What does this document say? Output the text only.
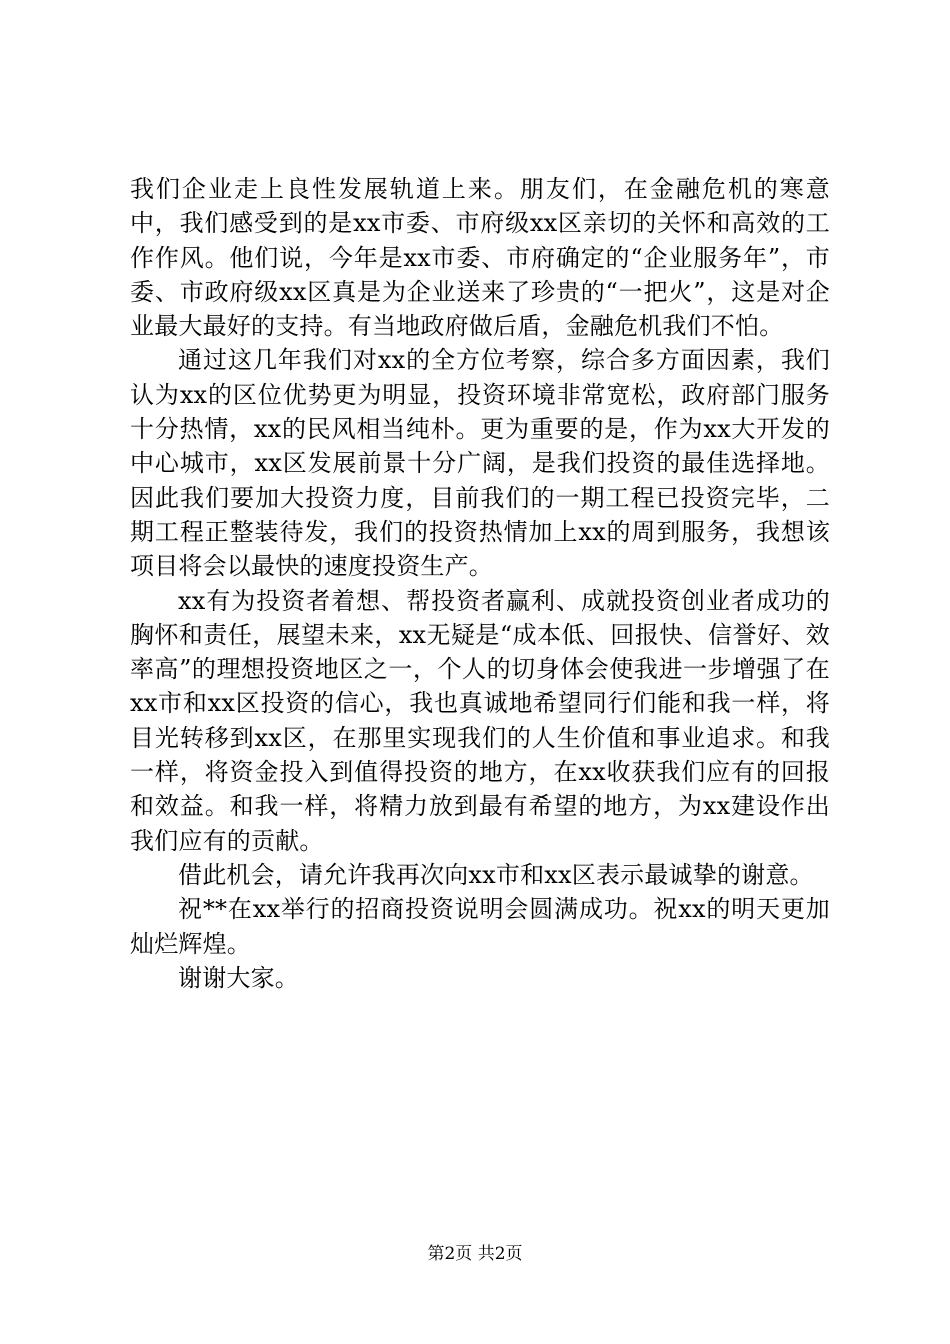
我们企业走上良性发展轨道上来。朋友们，在金融危机的寒意中，我们感受到的是xx市委、市府级xx区亲切的关怀和高效的工作作风。他们说，今年是xx市委、市府确定的“企业服务年”，市委、市政府级xx区真是为企业送来了珍贵的“一把火”，这是对企业最大最好的支持。有当地政府做后盾，金融危机我们不怕。

通过这几年我们对xx的全方位考察，综合多方面因素，我们认为xx的区位优势更为明显，投资环境非常宽松，政府部门服务十分热情，xx的民风相当纯朴。更为重要的是，作为xx大开发的中心城市，xx区发展前景十分广阔，是我们投资的最佳选择地。因此我们要加大投资力度，目前我们的一期工程已投资完毕，二期工程正整装待发，我们的投资热情加上xx的周到服务，我想该项目将会以最快的速度投资生产。

xx有为投资者着想、帮投资者赢利、成就投资创业者成功的胸怀和责任，展望未来，xx无疑是“成本低、回报快、信誉好、效率高”的理想投资地区之一，个人的切身体会使我进一步增强了在xx市和xx区投资的信心，我也真诚地希望同行们能和我一样，将目光转移到xx区，在那里实现我们的人生价值和事业追求。和我一样，将资金投入到值得投资的地方，在xx收获我们应有的回报和效益。和我一样，将精力放到最有希望的地方，为xx建设作出我们应有的贡献。

借此机会，请允许我再次向xx市和xx区表示最诚挚的谢意。

祝**在xx举行的招商投资说明会圆满成功。祝xx的明天更加灿烂辉煌。

谢谢大家。

第2页 共2页
